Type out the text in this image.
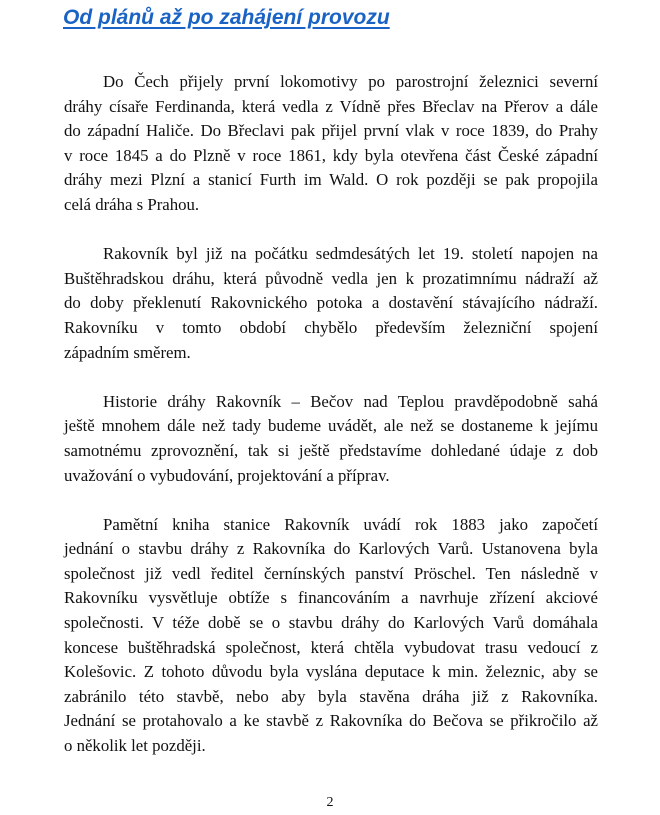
Od plánů až po zahájení provozu

Do Čech přijely první lokomotivy po parostrojní železnici severní
dráhy císaře Ferdinanda, která vedla z Vídně přes Břeclav na Přerov a dále
do západní Haliče. Do Břeclavi pak přijel první vlak v roce 1839, do Prahy
v roce 1845 a do Plzně v roce 1861, kdy byla otevřena část České západní
dráhy mezi Plzní a stanicí Furth im Wald. O rok později se pak propojila
celá dráha s Prahou.

Rakovník byl již na počátku sedmdesátých let 19. století napojen na
Buštěhradskou dráhu, která původně vedla jen k prozatimnímu nádraží až
do doby překlenutí Rakovnického potoka a dostavění stávajícího nádraží.
Rakovníku v tomto období chybělo především železniční spojení
západním směrem.

Historie dráhy Rakovník – Bečov nad Teplou pravděpodobně sahá
ještě mnohem dále než tady budeme uvádět, ale než se dostaneme k jejímu
samotnému zprovoznění, tak si ještě představíme dohledané údaje z dob
uvažování o vybudování, projektování a příprav.

Pamětní kniha stanice Rakovník uvádí rok 1883 jako započetí
jednání o stavbu dráhy z Rakovníka do Karlových Varů. Ustanovena byla
společnost již vedl ředitel černínských panství Pröschel. Ten následně v
Rakovníku vysvětluje obtíže s financováním a navrhuje zřízení akciové
společnosti. V téže době se o stavbu dráhy do Karlových Varů domáhala
koncese buštěhradská společnost, která chtěla vybudovat trasu vedoucí z
Kolešovic. Z tohoto důvodu byla vyslána deputace k min. železnic, aby se
zabránilo této stavbě, nebo aby byla stavěna dráha již z Rakovníka.
Jednání se protahovalo a ke stavbě z Rakovníka do Bečova se přikročilo až
o několik let později.

2
